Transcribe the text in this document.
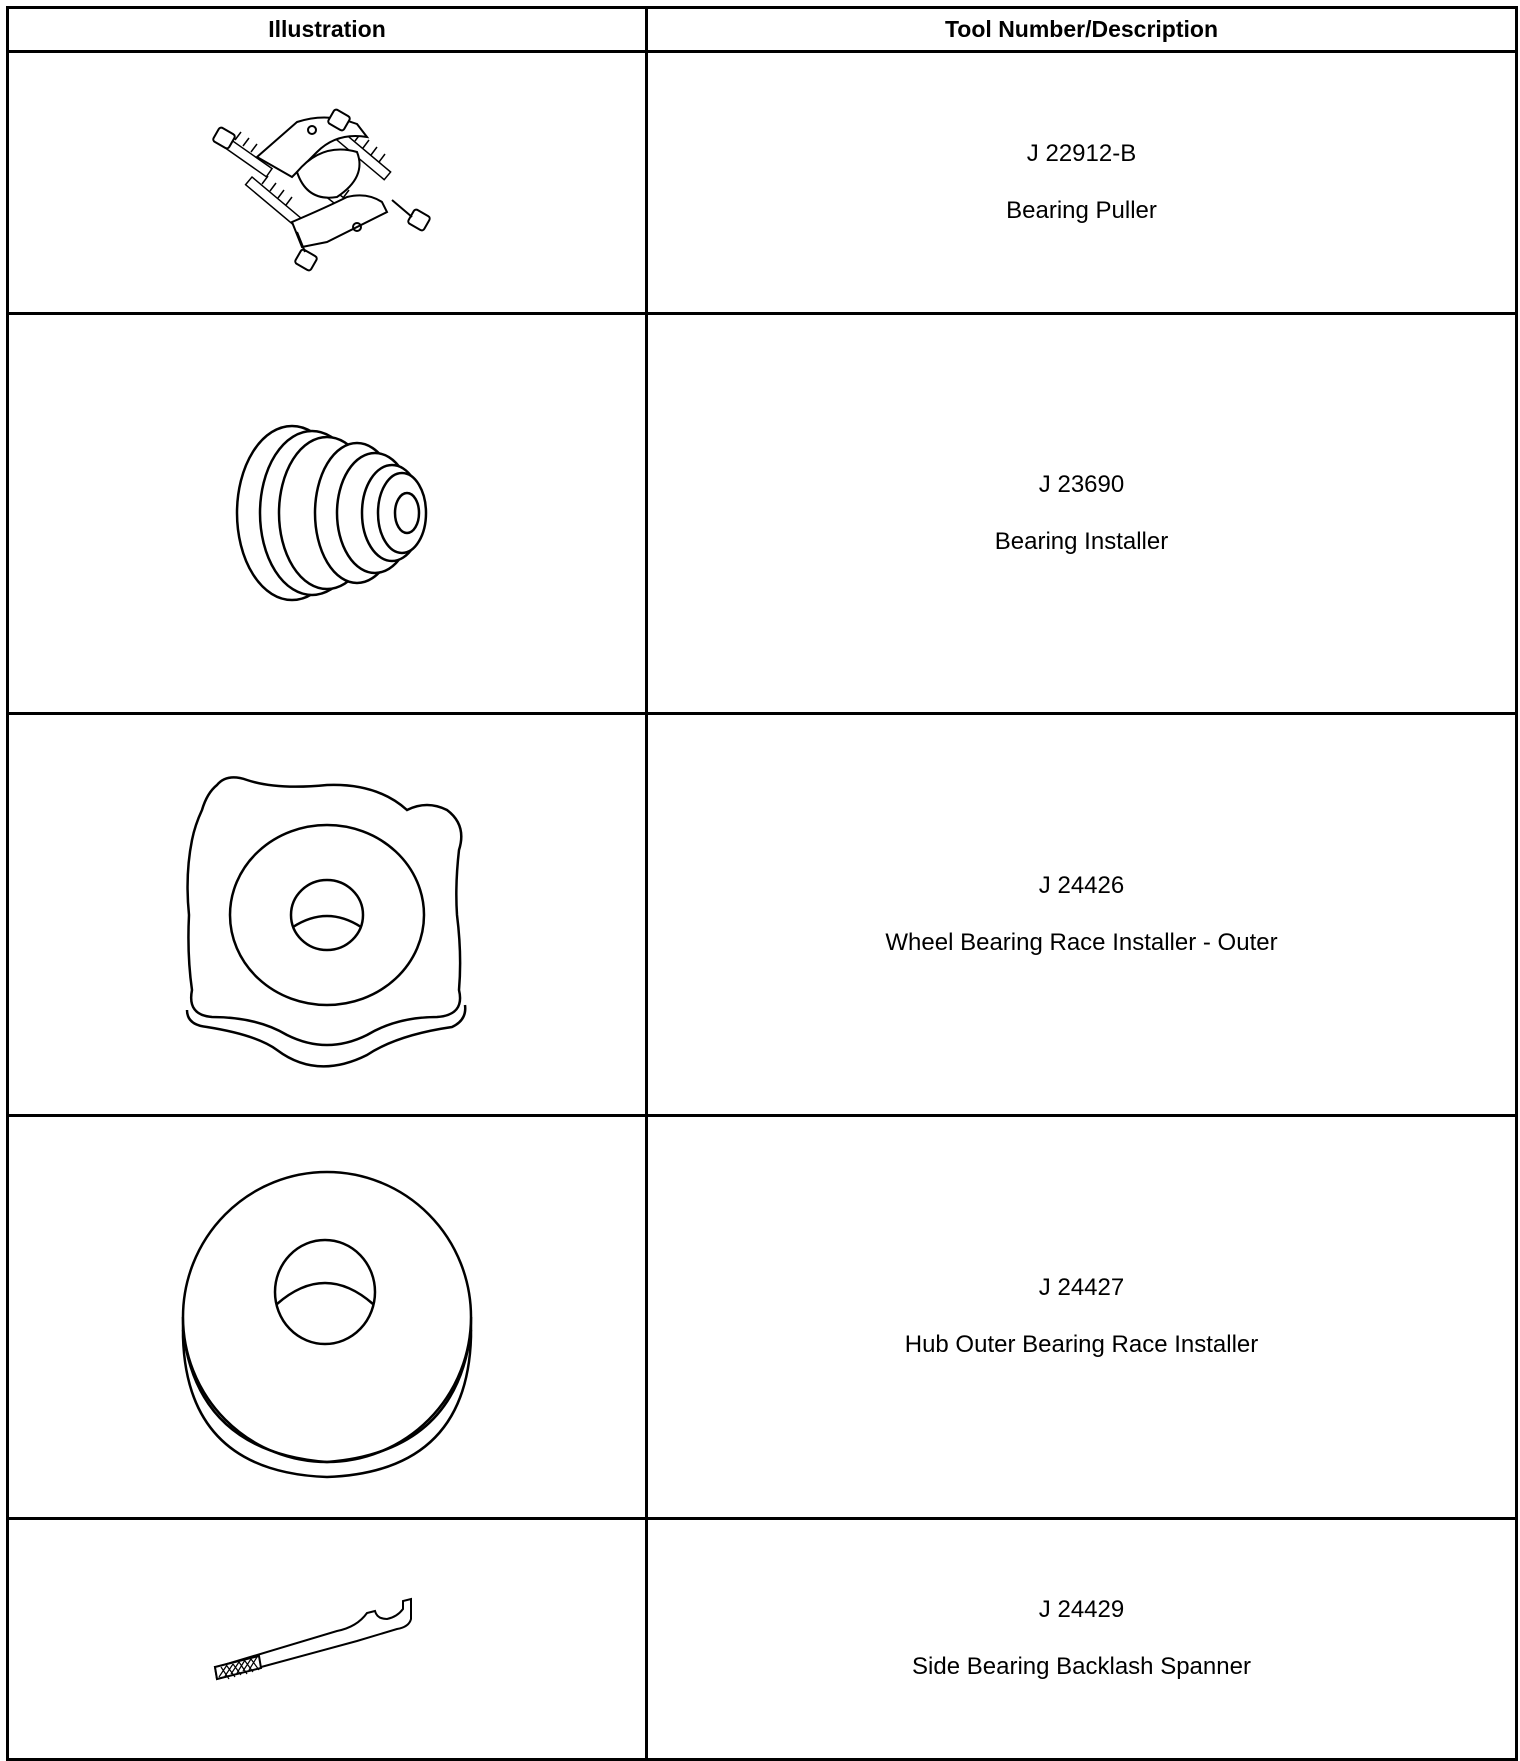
Illustration	Tool Number/Description

J 22912-B
Bearing Puller

J 23690
Bearing Installer

J 24426
Wheel Bearing Race Installer - Outer

J 24427
Hub Outer Bearing Race Installer

J 24429
Side Bearing Backlash Spanner
